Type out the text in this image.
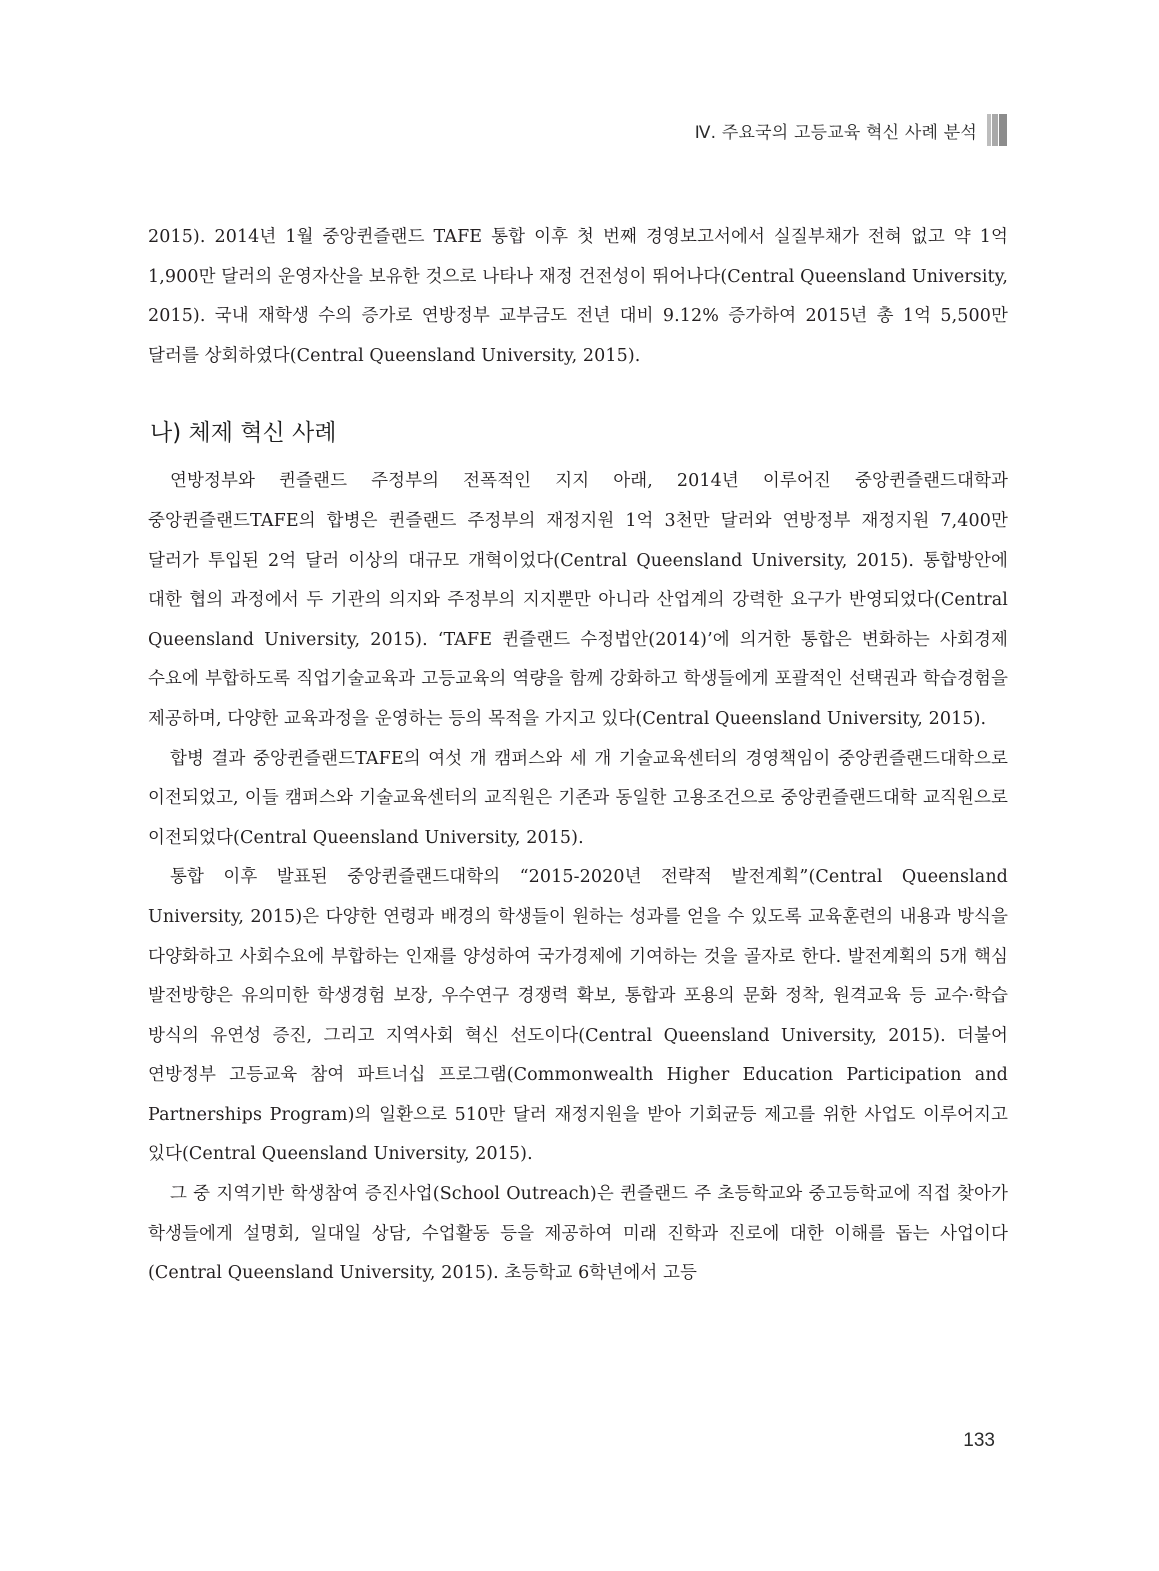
Ⅳ. 주요국의 고등교육 혁신 사례 분석

2015). 2014년 1월 중앙퀸즐랜드 TAFE 통합 이후 첫 번째 경영보고서에서 실질부채가 전혀 없고 약 1억 1,900만 달러의 운영자산을 보유한 것으로 나타나 재정 건전성이 뛰어나다(Central Queensland University, 2015). 국내 재학생 수의 증가로 연방정부 교부금도 전년 대비 9.12% 증가하여 2015년 총 1억 5,500만 달러를 상회하였다(Central Queensland University, 2015).

나) 체제 혁신 사례

연방정부와 퀸즐랜드 주정부의 전폭적인 지지 아래, 2014년 이루어진 중앙퀸즐랜드대학과 중앙퀸즐랜드TAFE의 합병은 퀸즐랜드 주정부의 재정지원 1억 3천만 달러와 연방정부 재정지원 7,400만 달러가 투입된 2억 달러 이상의 대규모 개혁이었다(Central Queensland University, 2015). 통합방안에 대한 협의 과정에서 두 기관의 의지와 주정부의 지지뿐만 아니라 산업계의 강력한 요구가 반영되었다(Central Queensland University, 2015). ‘TAFE 퀸즐랜드 수정법안(2014)’에 의거한 통합은 변화하는 사회경제 수요에 부합하도록 직업기술교육과 고등교육의 역량을 함께 강화하고 학생들에게 포괄적인 선택권과 학습경험을 제공하며, 다양한 교육과정을 운영하는 등의 목적을 가지고 있다(Central Queensland University, 2015).

합병 결과 중앙퀸즐랜드TAFE의 여섯 개 캠퍼스와 세 개 기술교육센터의 경영책임이 중앙퀸즐랜드대학으로 이전되었고, 이들 캠퍼스와 기술교육센터의 교직원은 기존과 동일한 고용조건으로 중앙퀸즐랜드대학 교직원으로 이전되었다(Central Queensland University, 2015).

통합 이후 발표된 중앙퀸즐랜드대학의 “2015-2020년 전략적 발전계획”(Central Queensland University, 2015)은 다양한 연령과 배경의 학생들이 원하는 성과를 얻을 수 있도록 교육훈련의 내용과 방식을 다양화하고 사회수요에 부합하는 인재를 양성하여 국가경제에 기여하는 것을 골자로 한다. 발전계획의 5개 핵심 발전방향은 유의미한 학생경험 보장, 우수연구 경쟁력 확보, 통합과 포용의 문화 정착, 원격교육 등 교수·학습 방식의 유연성 증진, 그리고 지역사회 혁신 선도이다(Central Queensland University, 2015). 더불어 연방정부 고등교육 참여 파트너십 프로그램(Commonwealth Higher Education Participation and Partnerships Program)의 일환으로 510만 달러 재정지원을 받아 기회균등 제고를 위한 사업도 이루어지고 있다(Central Queensland University, 2015).

그 중 지역기반 학생참여 증진사업(School Outreach)은 퀸즐랜드 주 초등학교와 중고등학교에 직접 찾아가 학생들에게 설명회, 일대일 상담, 수업활동 등을 제공하여 미래 진학과 진로에 대한 이해를 돕는 사업이다(Central Queensland University, 2015). 초등학교 6학년에서 고등

133
